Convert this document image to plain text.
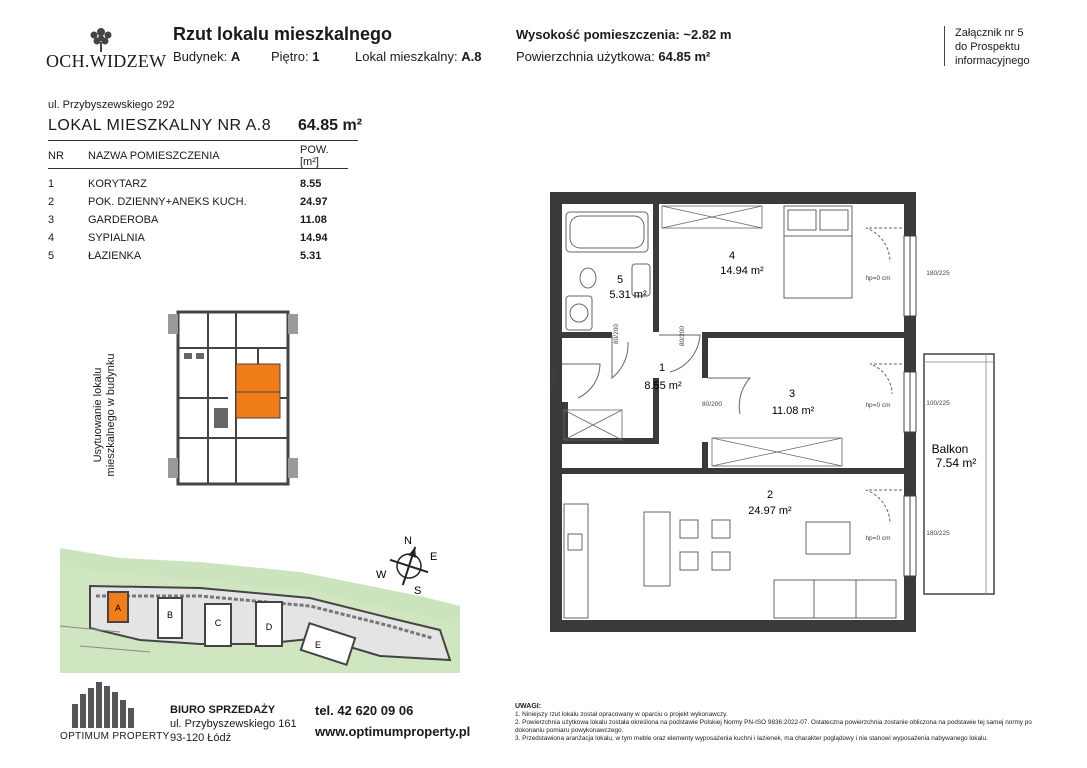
OCH.WIDZEW
Rzut lokalu mieszkalnego
Budynek: A Piętro: 1	Lokal mieszkalny: A.8
Wysokość pomieszczenia: ~2.82 m
Powierzchnia użytkowa: 64.85 m²
Załącznik nr 5
do Prospektu
informacyjnego
ul. Przybyszewskiego 292
LOKAL MIESZKALNY NR A.8 64.85 m²
NR	NAZWA POMIESZCZENIA	POW. [m²]
1	KORYTARZ	8.55
2	POK. DZIENNY+ANEKS KUCH.	24.97
3	GARDEROBA	11.08
4	SYPIALNIA	14.94
5	ŁAZIENKA	5.31
Usytuowanie lokalu mieszkalnego w budynku
A
B
C	D
E
N
E
S
W
4
14.94 m²
5
5.31 m²
1
8.55 m²
3
11.08 m²
2
24.97 m²
Balkon
7.54 m²
80/200	80/200
90/200
80/200
180/225
100/225
180/225
hp=0 cm
hp=0 cm
hp=0 cm
OPTIMUM PROPERTY
BIURO SPRZEDAŻY
ul. Przybyszewskiego 161
93-120 Łódź
tel. 42 620 09 06
www.optimumproperty.pl
UWAGI:
1. Niniejszy rzut lokalu został opracowany w oparciu o projekt wykonawczy.
2. Powierzchnia użytkowa lokalu została określona na podstawie Polskiej Normy PN-ISO 9836:2022-07. Ostateczna powierzchnia zostanie obliczona na podstawie tej samej normy po dokonaniu pomiaru powykonawczego.
3. Przedstawiona aranżacja lokalu, w tym meble oraz elementy wyposażenia kuchni i łazienek, ma charakter poglądowy i nie stanowi wyposażenia nabywanego lokalu.
